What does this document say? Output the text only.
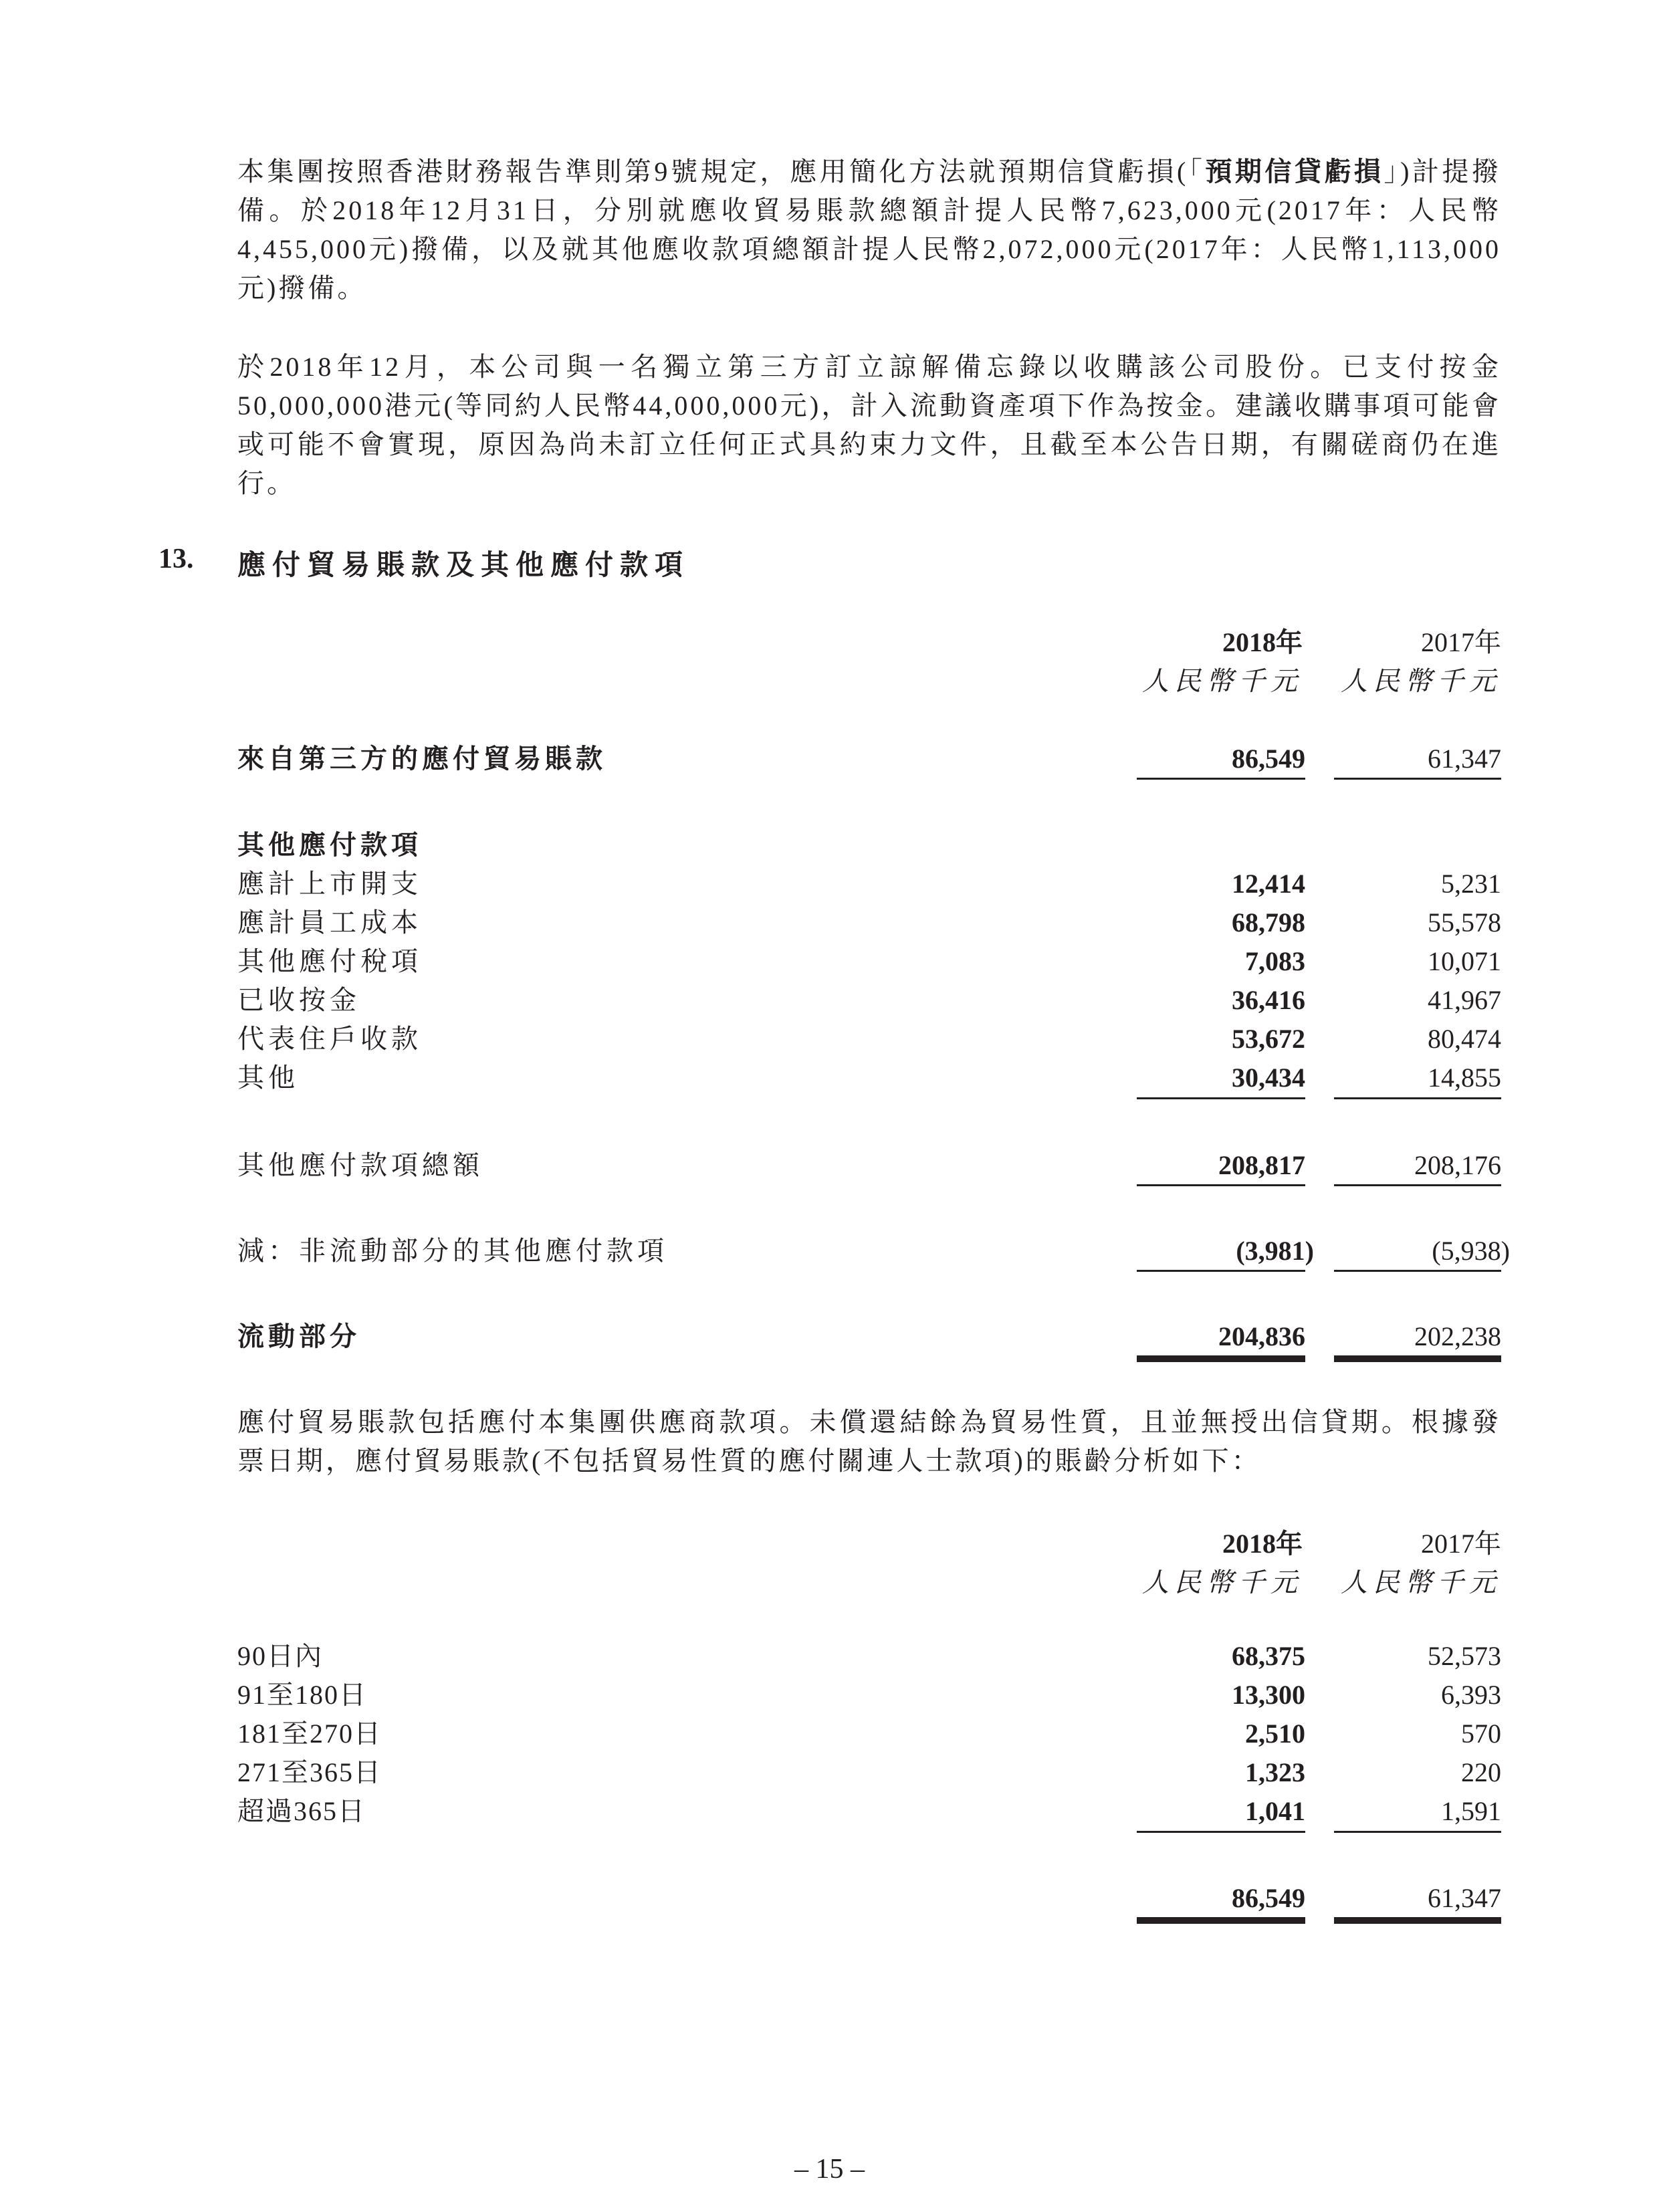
本集團按照香港財務報告準則第9號規定，應用簡化方法就預期信貸虧損(「預期信貸虧損」)計提撥備。於2018年12月31日，分別就應收貿易賬款總額計提人民幣7,623,000元(2017年：人民幣4,455,000元)撥備，以及就其他應收款項總額計提人民幣2,072,000元(2017年：人民幣1,113,000元)撥備。
於2018年12月，本公司與一名獨立第三方訂立諒解備忘錄以收購該公司股份。已支付按金50,000,000港元(等同約人民幣44,000,000元)，計入流動資產項下作為按金。建議收購事項可能會或可能不會實現，原因為尚未訂立任何正式具約束力文件，且截至本公告日期，有關磋商仍在進行。
13. 應付貿易賬款及其他應付款項
2018年	2017年
人民幣千元 人民幣千元
來自第三方的應付貿易賬款	86,549	61,347
其他應付款項
應計上市開支	12,414	5,231
應計員工成本	68,798	55,578
其他應付稅項	7,083	10,071
已收按金	36,416	41,967
代表住戶收款	53,672	80,474
其他	30,434	14,855
其他應付款項總額	208,817	208,176
減：非流動部分的其他應付款項	(3,981)	(5,938)
流動部分	204,836	202,238
應付貿易賬款包括應付本集團供應商款項。未償還結餘為貿易性質，且並無授出信貸期。根據發票日期，應付貿易賬款(不包括貿易性質的應付關連人士款項)的賬齡分析如下：
2018年	2017年
人民幣千元 人民幣千元
90日內	68,375	52,573
91至180日	13,300	6,393
181至270日	2,510	570
271至365日	1,323	220
超過365日	1,041	1,591
86,549	61,347
– 15 –
